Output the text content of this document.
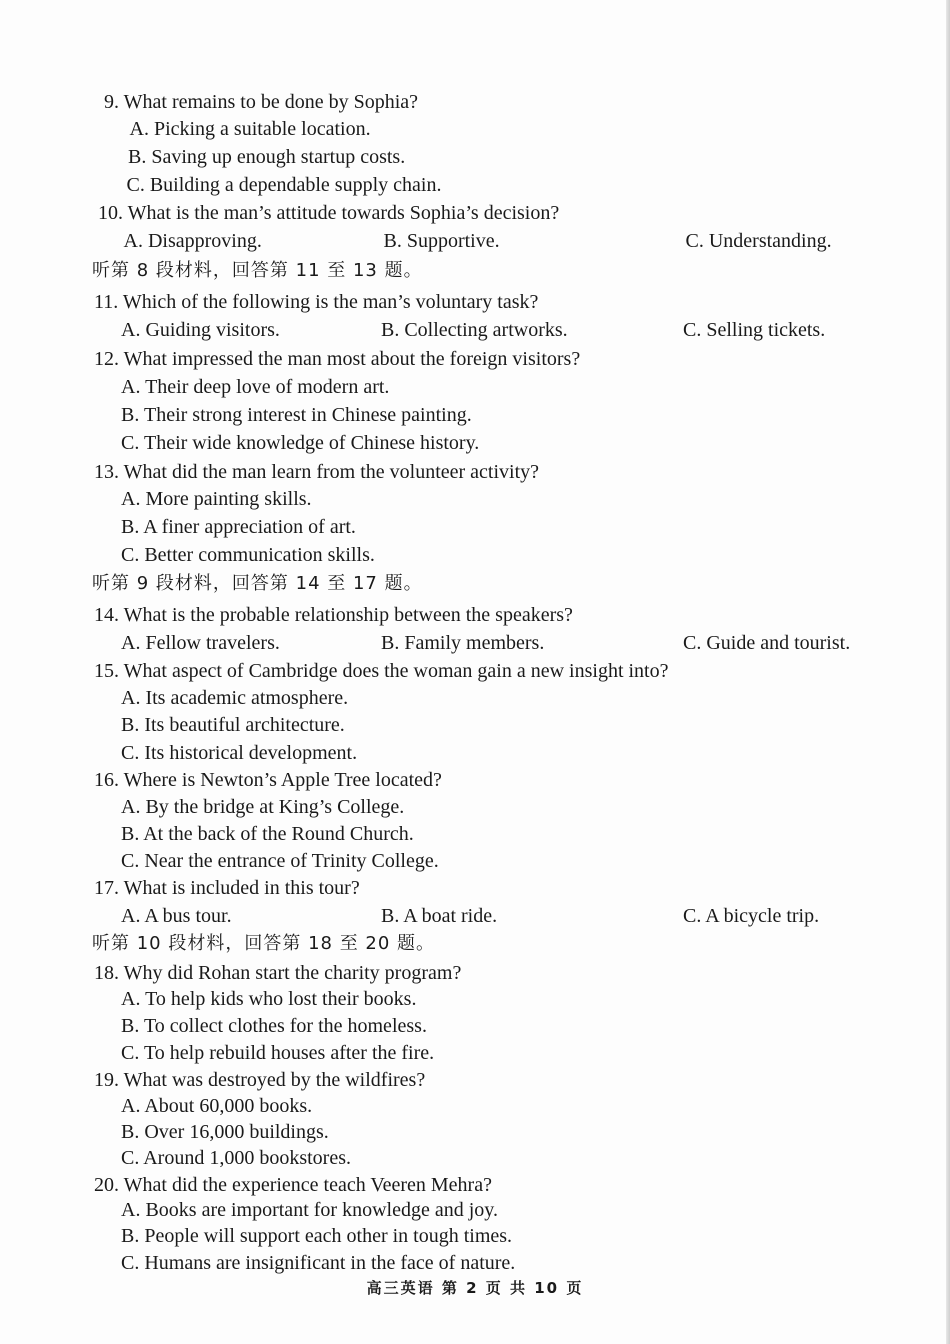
9. What remains to be done by Sophia?
A. Picking a suitable location.
B. Saving up enough startup costs.
C. Building a dependable supply chain.
10. What is the man’s attitude towards Sophia’s decision?
A. Disapproving.	B. Supportive.	C. Understanding.
听第 8 段材料，回答第 11 至 13 题。
11. Which of the following is the man’s voluntary task?
A. Guiding visitors.	B. Collecting artworks.	C. Selling tickets.
12. What impressed the man most about the foreign visitors?
A. Their deep love of modern art.
B. Their strong interest in Chinese painting.
C. Their wide knowledge of Chinese history.
13. What did the man learn from the volunteer activity?
A. More painting skills.
B. A finer appreciation of art.
C. Better communication skills.
听第 9 段材料，回答第 14 至 17 题。
14. What is the probable relationship between the speakers?
A. Fellow travelers.	B. Family members.	C. Guide and tourist.
15. What aspect of Cambridge does the woman gain a new insight into?
A. Its academic atmosphere.
B. Its beautiful architecture.
C. Its historical development.
16. Where is Newton’s Apple Tree located?
A. By the bridge at King’s College.
B. At the back of the Round Church.
C. Near the entrance of Trinity College.
17. What is included in this tour?
A. A bus tour.	B. A boat ride.	C. A bicycle trip.
听第 10 段材料，回答第 18 至 20 题。
18. Why did Rohan start the charity program?
A. To help kids who lost their books.
B. To collect clothes for the homeless.
C. To help rebuild houses after the fire.
19. What was destroyed by the wildfires?
A. About 60,000 books.
B. Over 16,000 buildings.
C. Around 1,000 bookstores.
20. What did the experience teach Veeren Mehra?
A. Books are important for knowledge and joy.
B. People will support each other in tough times.
C. Humans are insignificant in the face of nature.
高三英语 第 2 页 共 10 页
